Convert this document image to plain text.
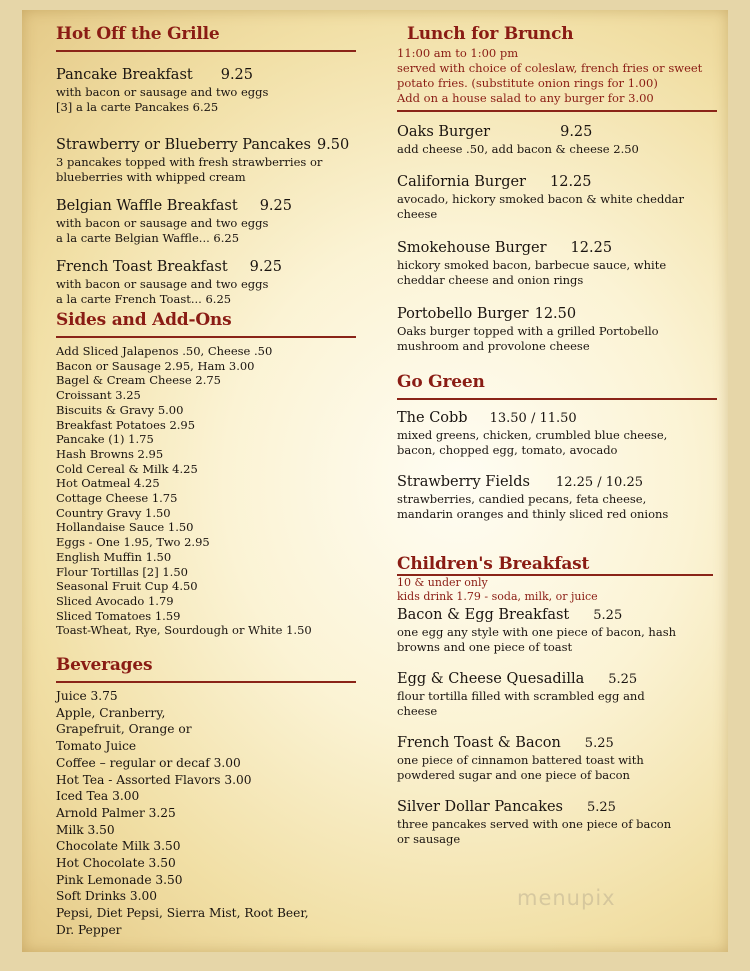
Hot Off the Grille
Pancake Breakfast 9.25
with bacon or sausage and two eggs
[3] a la carte Pancakes 6.25
Strawberry or Blueberry Pancakes 9.50
3 pancakes topped with fresh strawberries or
blueberries with whipped cream
Belgian Waffle Breakfast 9.25
with bacon or sausage and two eggs
a la carte Belgian Waffle... 6.25
French Toast Breakfast 9.25
with bacon or sausage and two eggs
a la carte French Toast... 6.25
Sides and Add-Ons
Add Sliced Jalapenos .50, Cheese .50
Bacon or Sausage 2.95, Ham 3.00
Bagel & Cream Cheese 2.75
Croissant 3.25
Biscuits & Gravy 5.00
Breakfast Potatoes 2.95
Pancake (1) 1.75
Hash Browns 2.95
Cold Cereal & Milk 4.25
Hot Oatmeal 4.25
Cottage Cheese 1.75
Country Gravy 1.50
Hollandaise Sauce 1.50
Eggs - One 1.95, Two 2.95
English Muffin 1.50
Flour Tortillas [2] 1.50
Seasonal Fruit Cup 4.50
Sliced Avocado 1.79
Sliced Tomatoes 1.59
Toast-Wheat, Rye, Sourdough or White 1.50
Beverages
Juice 3.75
Apple, Cranberry,
Grapefruit, Orange or
Tomato Juice
Coffee – regular or decaf 3.00
Hot Tea - Assorted Flavors 3.00
Iced Tea 3.00
Arnold Palmer 3.25
Milk 3.50
Chocolate Milk 3.50
Hot Chocolate 3.50
Pink Lemonade 3.50
Soft Drinks 3.00
Pepsi, Diet Pepsi, Sierra Mist, Root Beer,
Dr. Pepper
Lunch for Brunch
11:00 am to 1:00 pm
served with choice of coleslaw, french fries or sweet
potato fries. (substitute onion rings for 1.00)
Add on a house salad to any burger for 3.00
Oaks Burger	9.25
add cheese .50, add bacon & cheese 2.50
California Burger 12.25
avocado, hickory smoked bacon & white cheddar
cheese
Smokehouse Burger 12.25
hickory smoked bacon, barbecue sauce, white
cheddar cheese and onion rings
Portobello Burger 12.50
Oaks burger topped with a grilled Portobello
mushroom and provolone cheese
Go Green
The Cobb 13.50 / 11.50
mixed greens, chicken, crumbled blue cheese,
bacon, chopped egg, tomato, avocado
Strawberry Fields 12.25 / 10.25
strawberries, candied pecans, feta cheese,
mandarin oranges and thinly sliced red onions
Children's Breakfast
10 & under only
kids drink 1.79 - soda, milk, or juice
Bacon & Egg Breakfast 5.25
one egg any style with one piece of bacon, hash
browns and one piece of toast
Egg & Cheese Quesadilla 5.25
flour tortilla filled with scrambled egg and
cheese
French Toast & Bacon 5.25
one piece of cinnamon battered toast with
powdered sugar and one piece of bacon
Silver Dollar Pancakes 5.25
three pancakes served with one piece of bacon
or sausage
menupix
